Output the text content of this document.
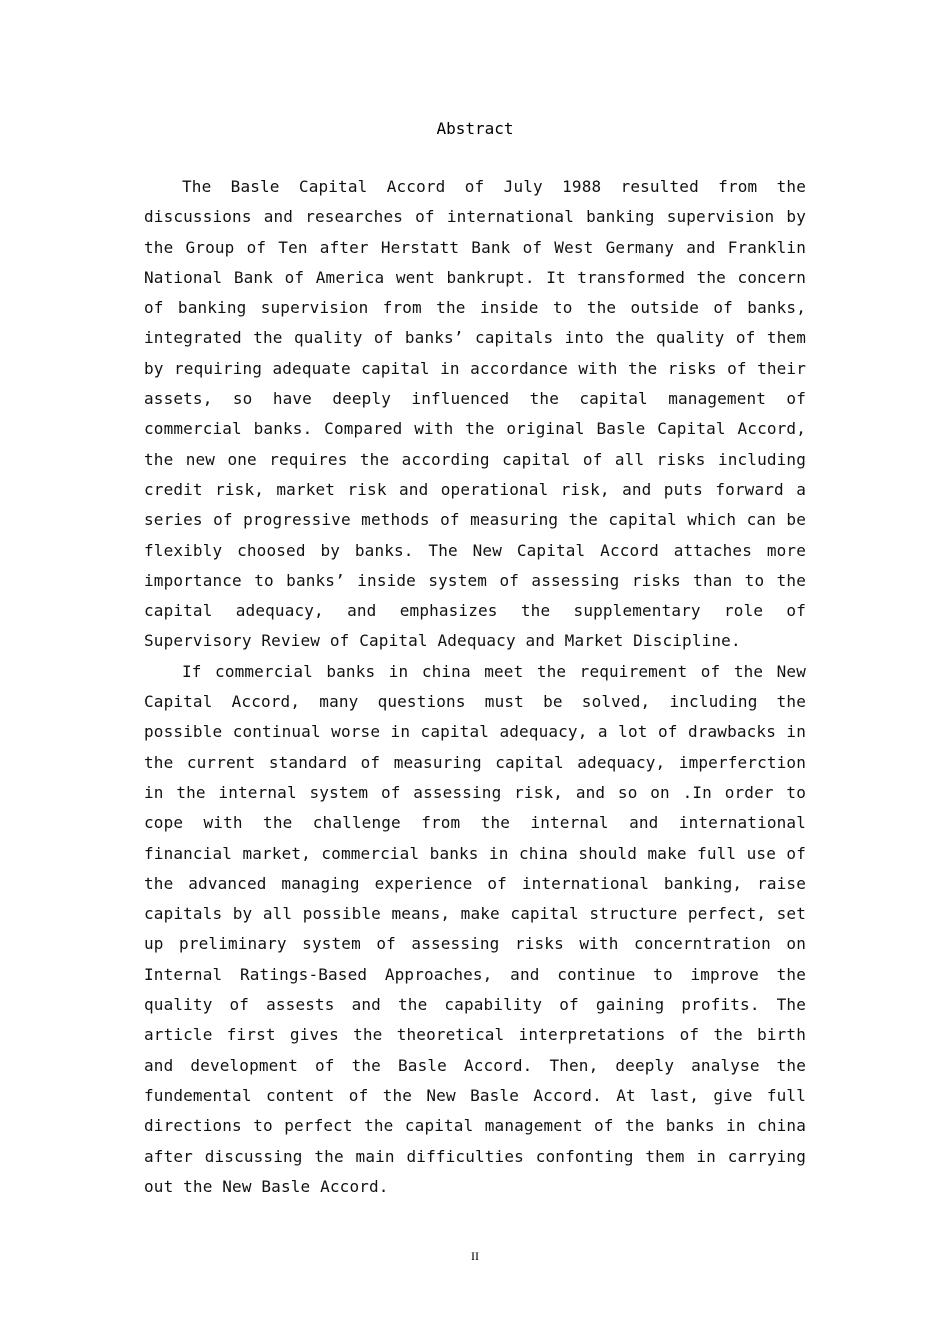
Abstract

The Basle Capital Accord of July 1988 resulted from the discussions and researches of international banking supervision by the Group of Ten after Herstatt Bank of West Germany and Franklin National Bank of America went bankrupt. It transformed the concern of banking supervision from the inside to the outside of banks, integrated the quality of banks’ capitals into the quality of them by requiring adequate capital in accordance with the risks of their assets, so have deeply influenced the capital management of commercial banks. Compared with the original Basle Capital Accord, the new one requires the according capital of all risks including credit risk, market risk and operational risk, and puts forward a series of progressive methods of measuring the capital which can be flexibly choosed by banks. The New Capital Accord attaches more importance to banks’ inside system of assessing risks than to the capital adequacy, and emphasizes the supplementary role of Supervisory Review of Capital Adequacy and Market Discipline.

If commercial banks in china meet the requirement of the New Capital Accord, many questions must be solved, including the possible continual worse in capital adequacy, a lot of drawbacks in the current standard of measuring capital adequacy, imperferction in the internal system of assessing risk, and so on .In order to cope with the challenge from the internal and international financial market, commercial banks in china should make full use of the advanced managing experience of international banking, raise capitals by all possible means, make capital structure perfect, set up preliminary system of assessing risks with concerntration on Internal Ratings-Based Approaches, and continue to improve the quality of assests and the capability of gaining profits. The article first gives the theoretical interpretations of the birth and development of the Basle Accord. Then, deeply analyse the fundemental content of the New Basle Accord. At last, give full directions to perfect the capital management of the banks in china after discussing the main difficulties confonting them in carrying out the New Basle Accord.

II
